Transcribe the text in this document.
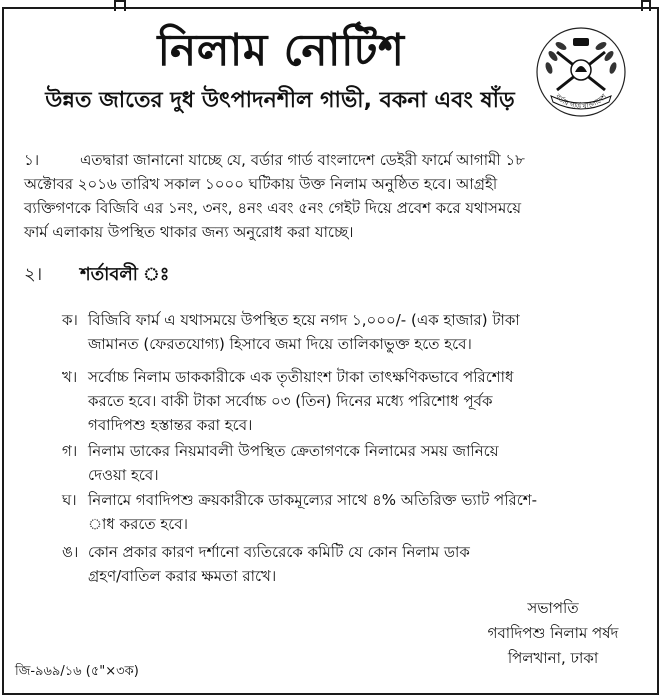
নিলাম নোটিশ
উন্নত জাতের দুধ উৎপাদনশীল গাভী, বকনা এবং ষাঁড়	বর্ডার গার্ড বাংলাদেশ
১।	এতদ্বারা জানানো যাচ্ছে যে, বর্ডার গার্ড বাংলাদেশ ডেইরী ফার্মে আগামী ১৮
অক্টোবর ২০১৬ তারিখ সকাল ১০০০ ঘটিকায় উক্ত নিলাম অনুষ্ঠিত হবে। আগ্রহী
ব্যক্তিগণকে বিজিবি এর ১নং, ৩নং, ৪নং এবং ৫নং গেইট দিয়ে প্রবেশ করে যথাসময়ে
ফার্ম এলাকায় উপস্থিত থাকার জন্য অনুরোধ করা যাচ্ছে।
২। শর্তাবলী ঃ
ক। বিজিবি ফার্ম এ যথাসময়ে উপস্থিত হয়ে নগদ ১,০০০/- (এক হাজার) টাকা
জামানত (ফেরতযোগ্য) হিসাবে জমা দিয়ে তালিকাভুক্ত হতে হবে।
খ। সর্বোচ্চ নিলাম ডাককারীকে এক তৃতীয়াংশ টাকা তাৎক্ষণিকভাবে পরিশোধ
করতে হবে। বাকী টাকা সর্বোচ্চ ০৩ (তিন) দিনের মধ্যে পরিশোধ পূর্বক
গবাদিপশু হস্তান্তর করা হবে।
গ। নিলাম ডাকের নিয়মাবলী উপস্থিত ক্রেতাগণকে নিলামের সময় জানিয়ে
দেওয়া হবে।
ঘ। নিলামে গবাদিপশু ক্রয়কারীকে ডাকমূল্যের সাথে ৪% অতিরিক্ত ভ্যাট পরিশে-
াধ করতে হবে।
ঙ। কোন প্রকার কারণ দর্শানো ব্যতিরেকে কমিটি যে কোন নিলাম ডাক
গ্রহণ/বাতিল করার ক্ষমতা রাখে।
সভাপতি
গবাদিপশু নিলাম পর্ষদ
পিলখানা, ঢাকা
জি-৯৬৯/১৬ (৫"×৩ক)
